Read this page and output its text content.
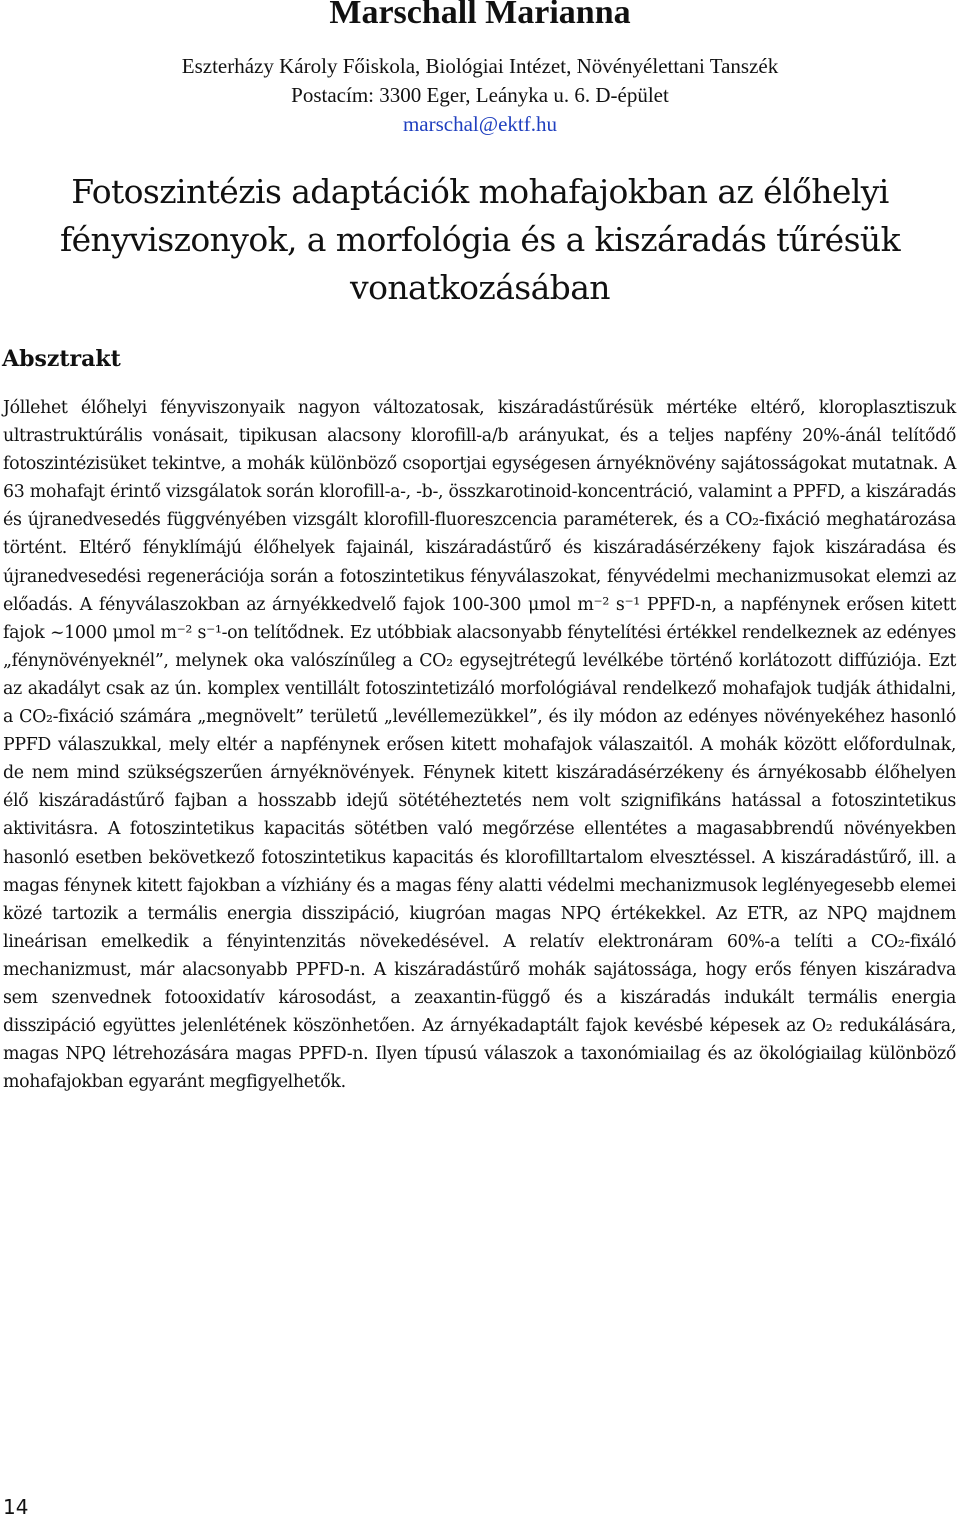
Marschall Marianna
Eszterházy Károly Főiskola, Biológiai Intézet, Növényélettani Tanszék
Postacím: 3300 Eger, Leányka u. 6. D-épület
marschal@ektf.hu
Fotoszintézis adaptációk mohafajokban az élőhelyi fényviszonyok, a morfológia és a kiszáradás tűrésük vonatkozásában
Absztrakt

Jóllehet élőhelyi fényviszonyaik nagyon változatosak, kiszáradástűrésük mértéke eltérő, kloroplasztiszuk ultrastruktúrális vonásait, tipikusan alacsony klorofill-a/b arányukat, és a teljes napfény 20%-ánál telítődő fotoszintézisüket tekintve, a mohák különböző csoportjai egységesen árnyéknövény sajátosságokat mutatnak. A 63 mohafajt érintő vizsgálatok során klorofill-a-, -b-, összkarotinoid-koncentráció, valamint a PPFD, a kiszáradás és újranedvesedés függvényében vizsgált klorofill-fluoreszcencia paraméterek, és a CO₂-fixáció meghatározása történt. Eltérő fényklímájú élőhelyek fajainál, kiszáradástűrő és kiszáradásérzékeny fajok kiszáradása és újranedvesedési regenerációja során a fotoszintetikus fényválaszokat, fényvédelmi mechanizmusokat elemzi az előadás. A fényválaszokban az árnyékkedvelő fajok 100-300 μmol m⁻² s⁻¹ PPFD-n, a napfénynek erősen kitett fajok ~1000 μmol m⁻² s⁻¹-on telítődnek. Ez utóbbiak alacsonyabb fénytelítési értékkel rendelkeznek az edényes „fénynövényeknél”, melynek oka valószínűleg a CO₂ egysejtrétegű levélkébe történő korlátozott diffúziója. Ezt az akadályt csak az ún. komplex ventillált fotoszintetizáló morfológiával rendelkező mohafajok tudják áthidalni, a CO₂-fixáció számára „megnövelt” területű „levéllemezükkel”, és ily módon az edényes növényekéhez hasonló PPFD válaszukkal, mely eltér a napfénynek erősen kitett mohafajok válaszaitól. A mohák között előfordulnak, de nem mind szükségszerűen árnyéknövények. Fénynek kitett kiszáradásérzékeny és árnyékosabb élőhelyen élő kiszáradástűrő fajban a hosszabb idejű sötétéheztetés nem volt szignifikáns hatással a fotoszintetikus aktivitásra. A fotoszintetikus kapacitás sötétben való megőrzése ellentétes a magasabbrendű növényekben hasonló esetben bekövetkező fotoszintetikus kapacitás és klorofilltartalom elvesztéssel. A kiszáradástűrő, ill. a magas fénynek kitett fajokban a vízhiány és a magas fény alatti védelmi mechanizmusok leglényegesebb elemei közé tartozik a termális energia disszipáció, kiugróan magas NPQ értékekkel. Az ETR, az NPQ majdnem lineárisan emelkedik a fényintenzitás növekedésével. A relatív elektronáram 60%-a telíti a CO₂-fixáló mechanizmust, már alacsonyabb PPFD-n. A kiszáradástűrő mohák sajátossága, hogy erős fényen kiszáradva sem szenvednek fotooxidatív károsodást, a zeaxantin-függő és a kiszáradás indukált termális energia disszipáció együttes jelenlétének köszönhetően. Az árnyékadaptált fajok kevésbé képesek az O₂ redukálására, magas NPQ létrehozására magas PPFD-n. Ilyen típusú válaszok a taxonómiailag és az ökológiailag különböző mohafajokban egyaránt megfigyelhetők.

14
